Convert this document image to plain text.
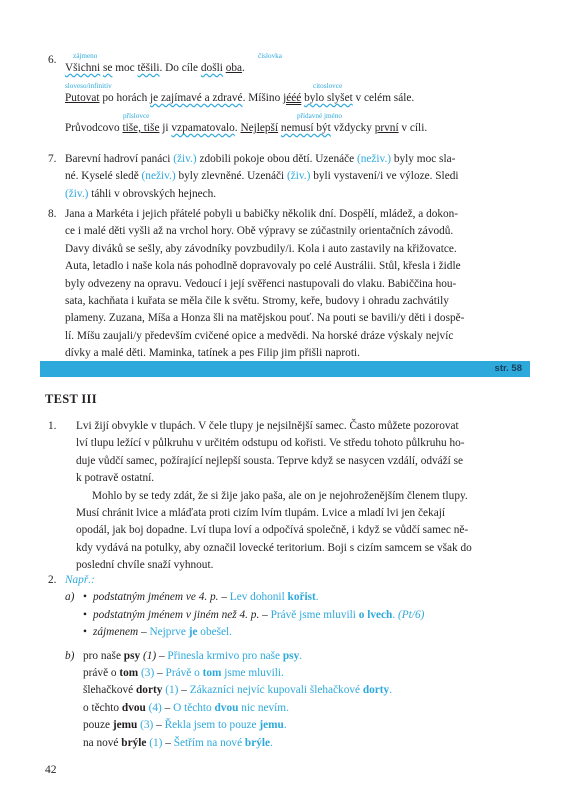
6. zájmeno	číslovka
Všichni se moc těšili. Do cíle došli oba.
sloveso/infinitiv	citoslovce
Putovat po horách je zajímavé a zdravé. Míšino jééé bylo slyšet v celém sále.
příslovce	přídavné jméno
Průvodcovo tiše, tiše ji vzpamatovalo. Nejlepší nemusí být vždycky první v cíli.
7. Barevní hadroví panáci (živ.) zdobili pokoje obou dětí. Uzenáče (neživ.) byly moc sla-
né. Kyselé sledě (neživ.) byly zlevněné. Uzenáči (živ.) byli vystavení/i ve výloze. Sledi
(živ.) táhli v obrovských hejnech.
8. Jana a Markéta i jejich přátelé pobyli u babičky několik dní. Dospělí, mládež, a dokon-
ce i malé děti vyšli až na vrchol hory. Obě výpravy se zúčastnily orientačních závodů.
Davy diváků se sešly, aby závodníky povzbudily/i. Kola i auto zastavily na křižovatce.
Auta, letadlo i naše kola nás pohodlně dopravovaly po celé Austrálii. Stůl, křesla i židle
byly odvezeny na opravu. Vedoucí i její svěřenci nastupovali do vlaku. Babiččina hou-
sata, kachňata i kuřata se měla čile k světu. Stromy, keře, budovy i ohradu zachvátily
plameny. Zuzana, Míša a Honza šli na matějskou pouť. Na pouti se bavili/y děti i dospě-
lí. Míšu zaujali/y především cvičené opice a medvědi. Na horské dráze výskaly nejvíc
dívky a malé děti. Maminka, tatínek a pes Filip jim přišli naproti.
str. 58
TEST III
1. Lvi žijí obvykle v tlupách. V čele tlupy je nejsilnější samec. Často můžete pozorovat
lví tlupu ležící v půlkruhu v určitém odstupu od kořisti. Ve středu tohoto půlkruhu ho-
duje vůdčí samec, požírající nejlepší sousta. Teprve když se nasycen vzdálí, odváží se
k potravě ostatní.
Mohlo by se tedy zdát, že si žije jako paša, ale on je nejohroženějším členem tlupy.
Musí chránit lvice a mláďata proti cizím lvím tlupám. Lvice a mladí lvi jen čekají
opodál, jak boj dopadne. Lví tlupa loví a odpočívá společně, i když se vůdčí samec ně-
kdy vydává na potulky, aby označil lovecké teritorium. Boji s cizím samcem se však do
poslední chvíle snaží vyhnout.
2. Např.:
a) • podstatným jménem ve 4. p. – Lev dohonil kořist.
• podstatným jménem v jiném než 4. p. – Právě jsme mluvili o lvech. (Pt/6)
• zájmenem – Nejprve je obešel.
b) pro naše psy (1) – Přinesla krmivo pro naše psy.
právě o tom (3) – Právě o tom jsme mluvili.
šlehačkové dorty (1) – Zákazníci nejvíc kupovali šlehačkové dorty.
o těchto dvou (4) – O těchto dvou nic nevím.
pouze jemu (3) – Řekla jsem to pouze jemu.
na nové brýle (1) – Šetřím na nové brýle.
42
